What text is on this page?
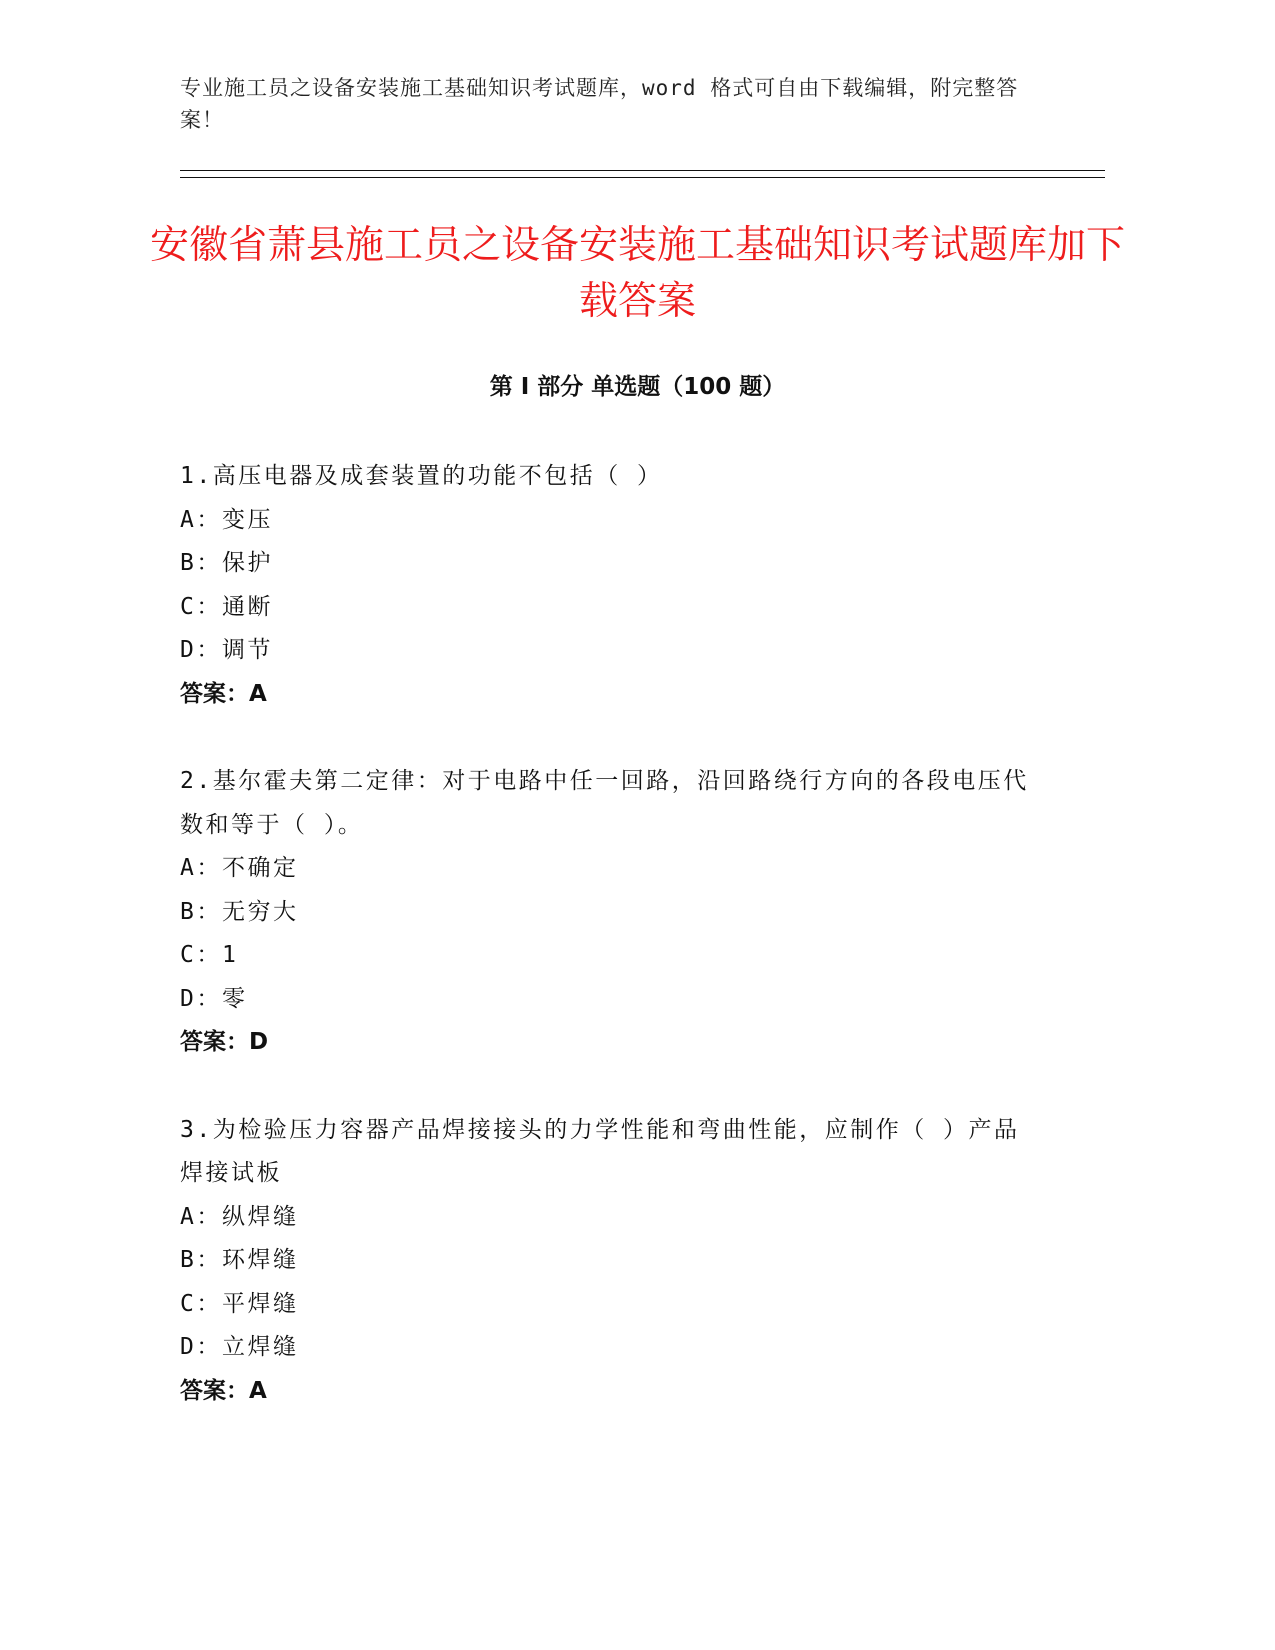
专业施工员之设备安装施工基础知识考试题库，word 格式可自由下载编辑，附完整答案！
安徽省萧县施工员之设备安装施工基础知识考试题库加下载答案
第 I 部分 单选题（100 题）
1.高压电器及成套装置的功能不包括（ ）
A：变压
B：保护
C：通断
D：调节
答案：A
2.基尔霍夫第二定律：对于电路中任一回路，沿回路绕行方向的各段电压代数和等于（ ）。
A：不确定
B：无穷大
C：1
D：零
答案：D
3.为检验压力容器产品焊接接头的力学性能和弯曲性能，应制作（ ）产品焊接试板
A：纵焊缝
B：环焊缝
C：平焊缝
D：立焊缝
答案：A
